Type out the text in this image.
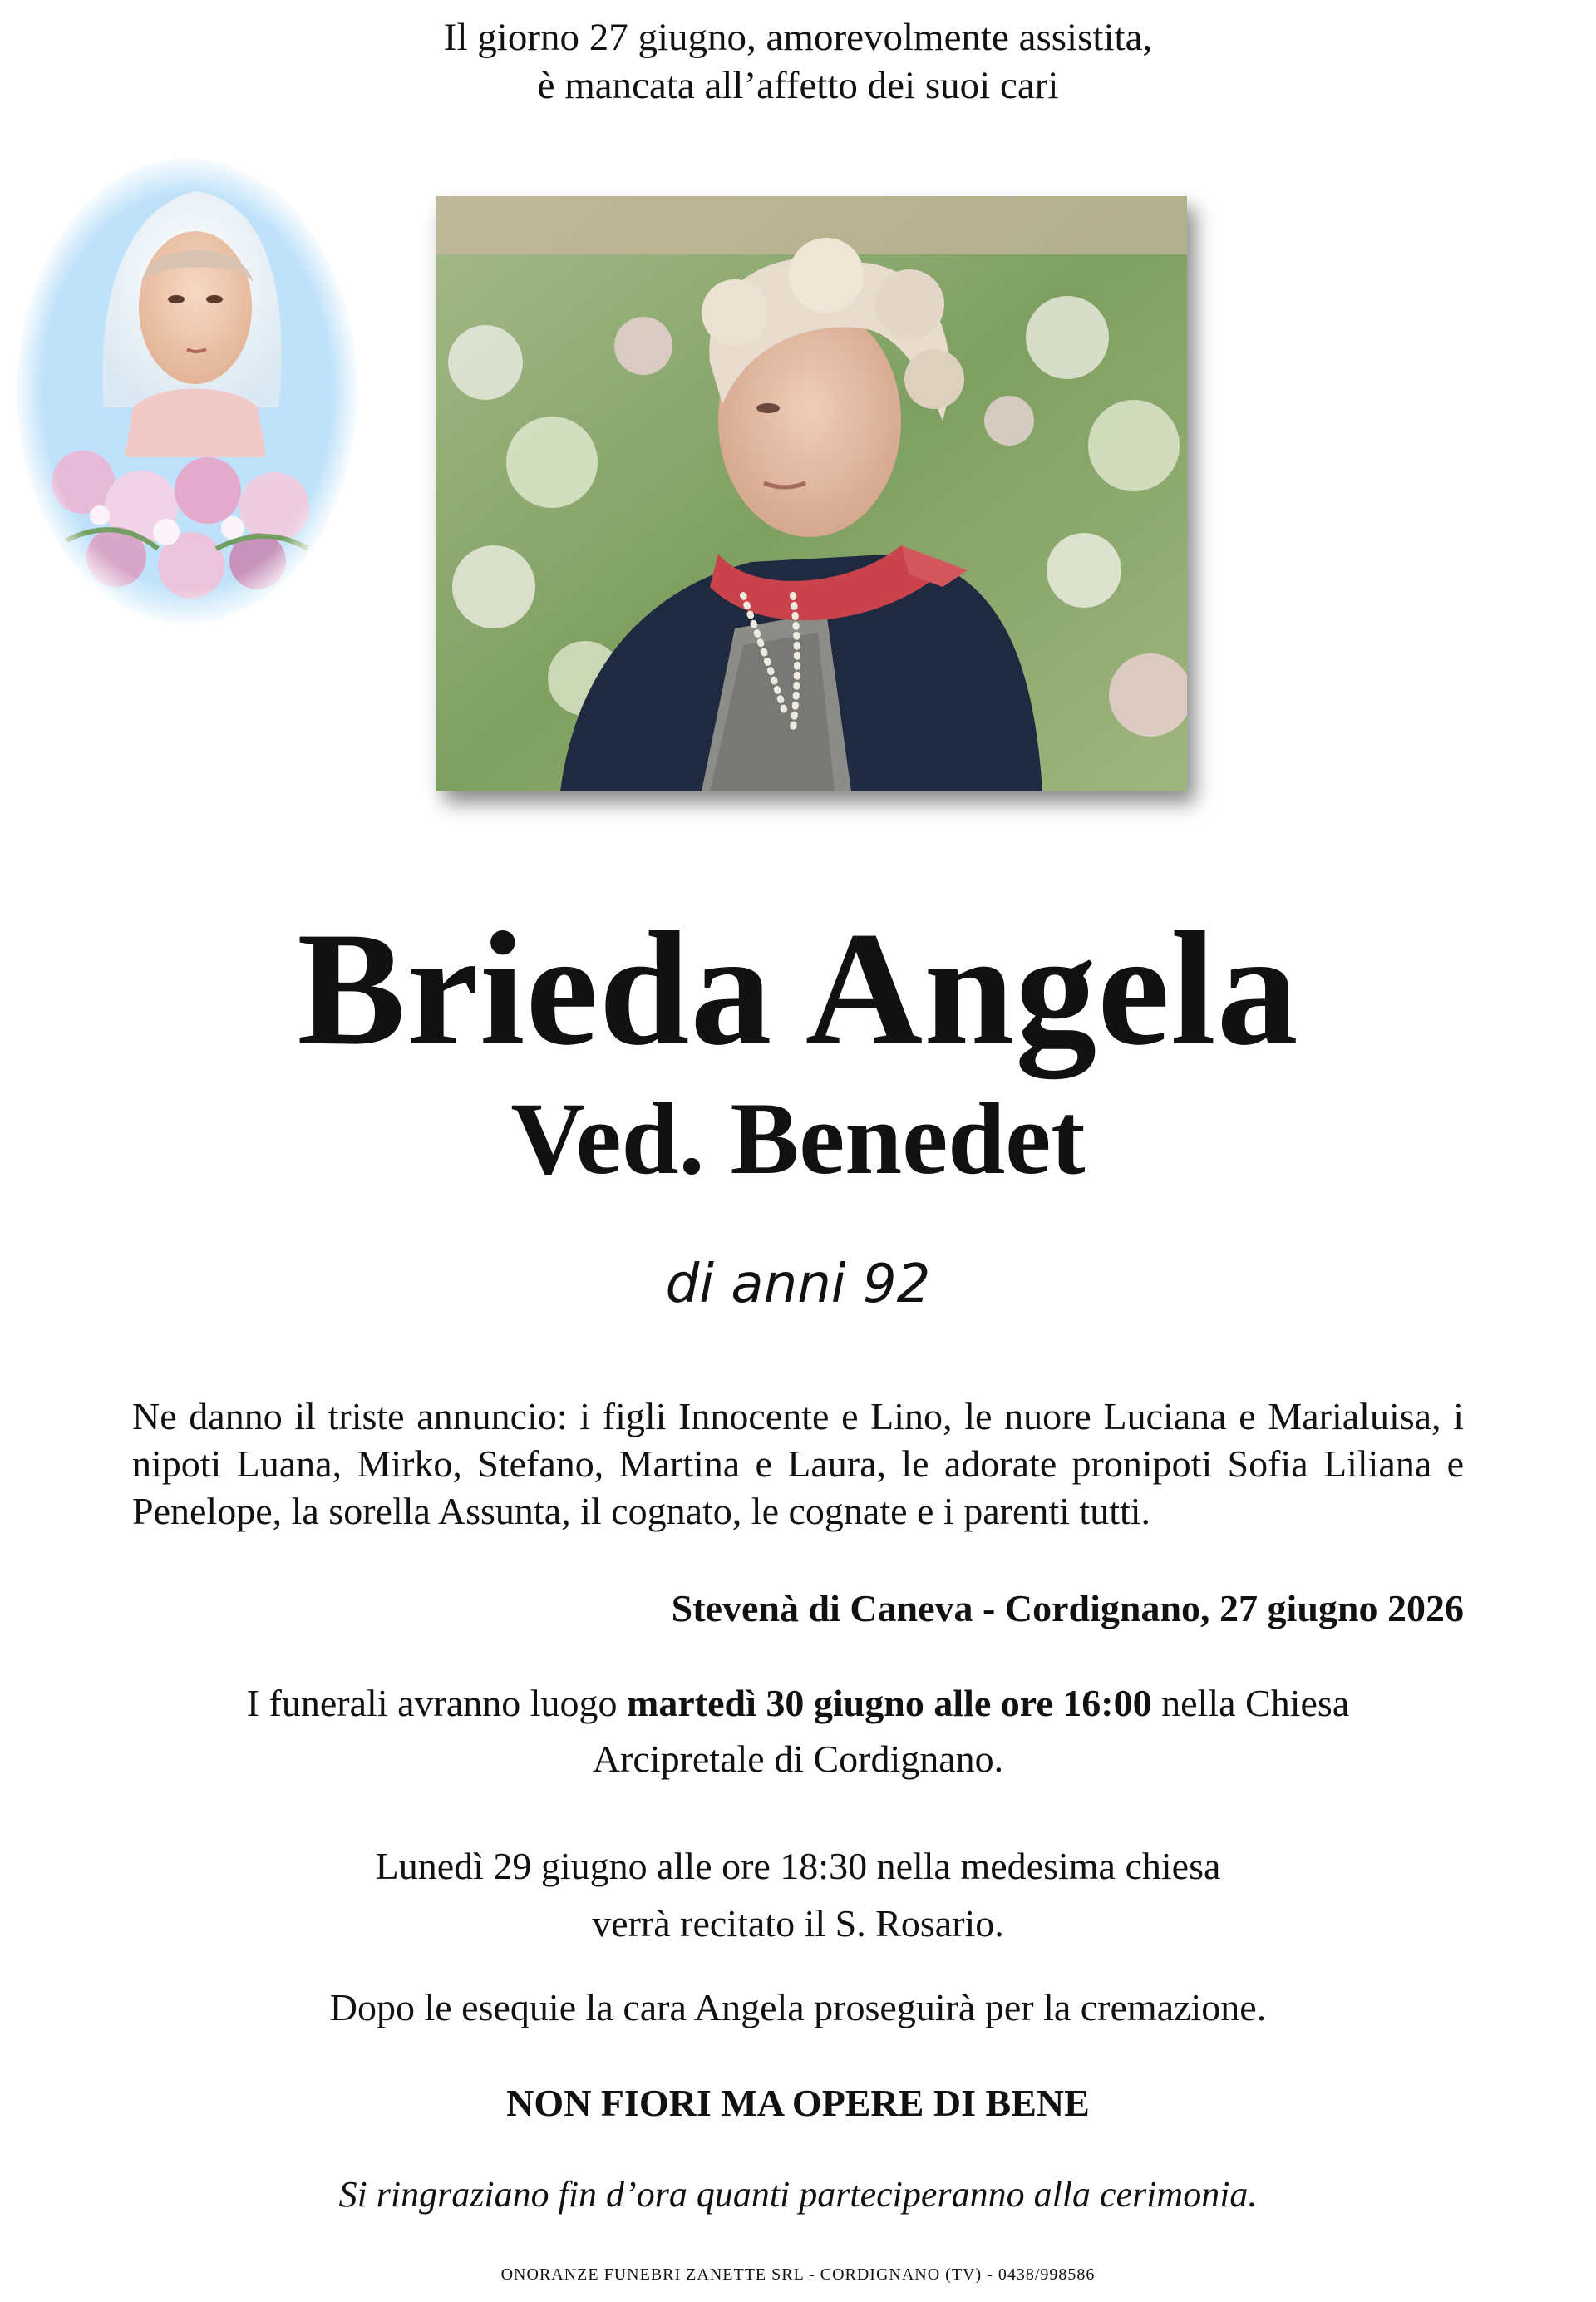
Il giorno 27 giugno, amorevolmente assistita,
è mancata all’affetto dei suoi cari
Brieda Angela
Ved. Benedet
di anni 92
Ne danno il triste annuncio: i figli Innocente e Lino, le nuore Luciana e Marialuisa, i nipoti Luana, Mirko, Stefano, Martina e Laura, le adorate pronipoti Sofia Liliana e Penelope, la sorella Assunta, il cognato, le cognate e i parenti tutti.
Stevenà di Caneva - Cordignano, 27 giugno 2026
I funerali avranno luogo martedì 30 giugno alle ore 16:00 nella Chiesa
Arcipretale di Cordignano.
Lunedì 29 giugno alle ore 18:30 nella medesima chiesa
verrà recitato il S. Rosario.
Dopo le esequie la cara Angela proseguirà per la cremazione.
NON FIORI MA OPERE DI BENE
Si ringraziano fin d’ora quanti parteciperanno alla cerimonia.
ONORANZE FUNEBRI ZANETTE SRL - CORDIGNANO (TV) - 0438/998586
